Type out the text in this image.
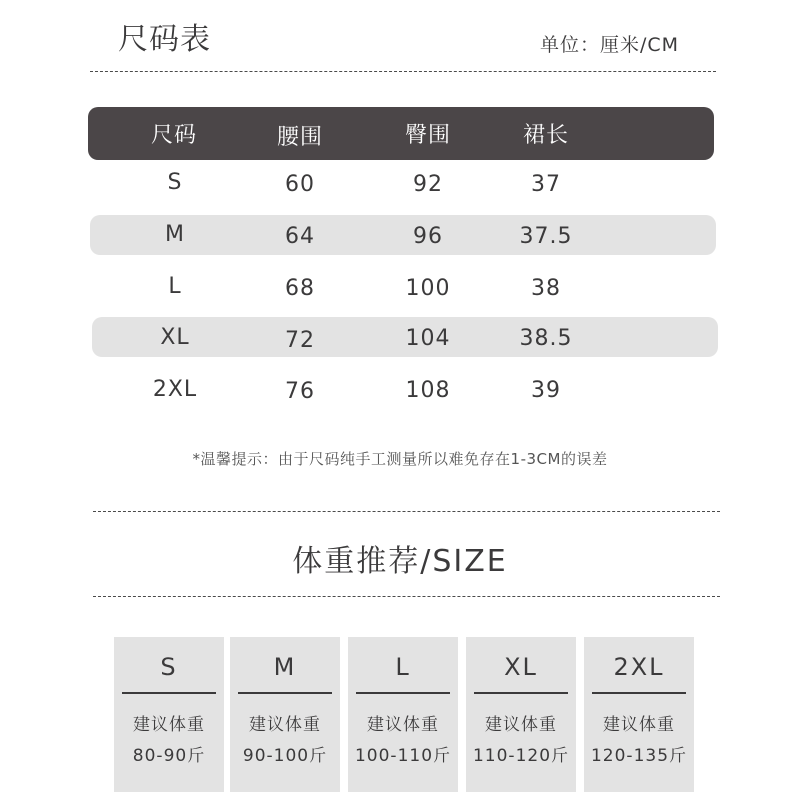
尺码表	单位：厘米/CM
尺码	腰围	臀围	裙长
S	60	92	37
M	64	96	37.5
L	68	100	38
XL	72	104	38.5
2XL	76	108	39
*温馨提示：由于尺码纯手工测量所以难免存在1-3CM的误差
体重推荐/SIZE
S
建议体重
80-90斤
M
建议体重
90-100斤
L
建议体重
100-110斤
XL
建议体重
110-120斤
2XL
建议体重
120-135斤
